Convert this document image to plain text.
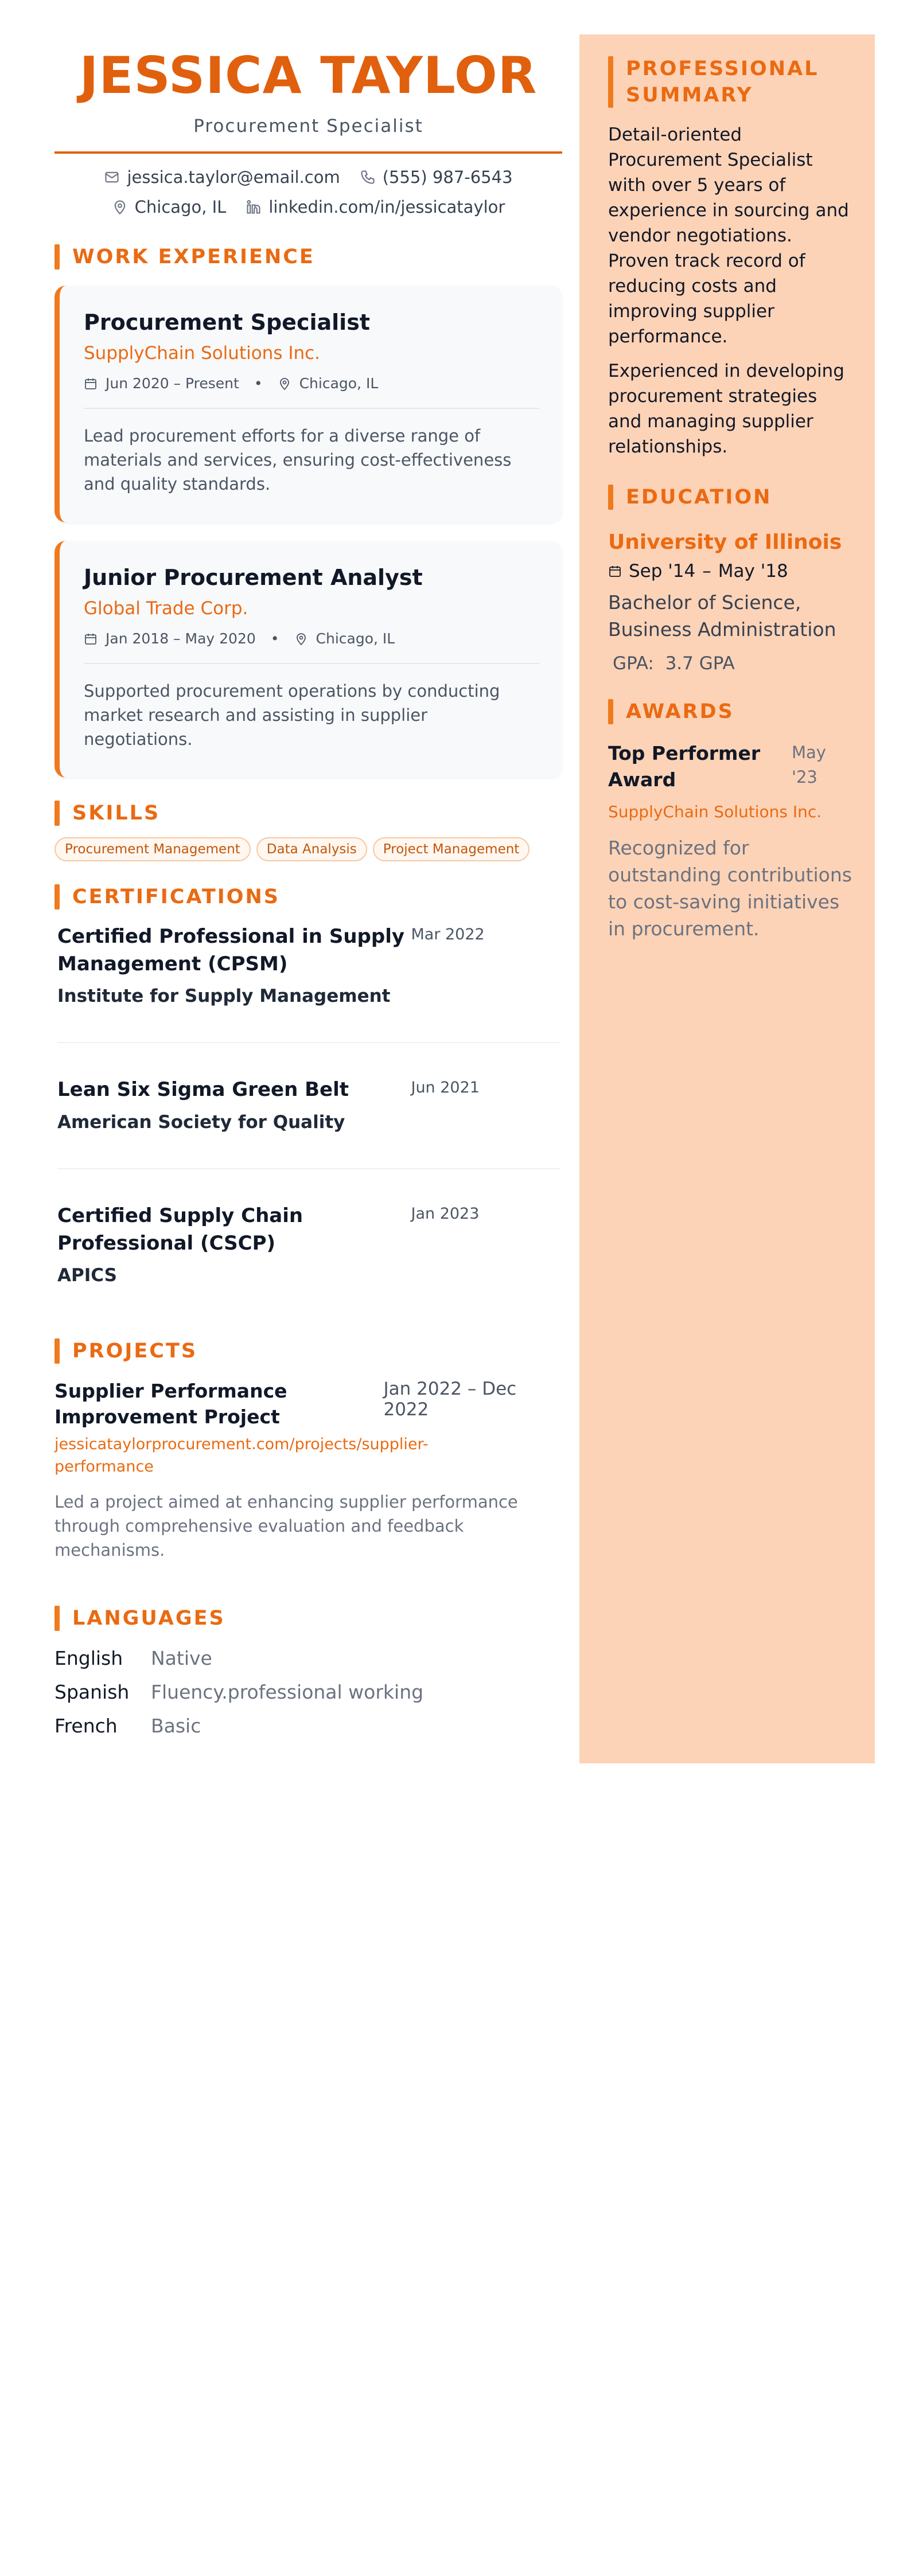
JESSICA TAYLOR
Procurement Specialist
jessica.taylor@email.com	(555) 987-6543
Chicago, IL	linkedin.com/in/jessicataylor
WORK EXPERIENCE
Procurement Specialist
SupplyChain Solutions Inc.
Jun 2020 – Present •	Chicago, IL
Lead procurement efforts for a diverse range of materials and services, ensuring cost-effectiveness and quality standards.
Junior Procurement Analyst
Global Trade Corp.
Jan 2018 – May 2020 •	Chicago, IL
Supported procurement operations by conducting market research and assisting in supplier negotiations.
SKILLS
Procurement Management	Data Analysis	Project Management
CERTIFICATIONS
Certified Professional in Supply Management (CPSM)
Institute for Supply Management
Mar 2022
Lean Six Sigma Green Belt
American Society for Quality
Jun 2021
Certified Supply Chain Professional (CSCP)
APICS
Jan 2023
PROJECTS
Supplier Performance Improvement Project
Jan 2022 – Dec 2022
jessicataylorprocurement.com/projects/supplier-performance
Led a project aimed at enhancing supplier performance through comprehensive evaluation and feedback mechanisms.
LANGUAGES
English	Native
Spanish	Fluency.professional working
French	Basic
PROFESSIONAL SUMMARY

Detail-oriented Procurement Specialist with over 5 years of experience in sourcing and vendor negotiations. Proven track record of reducing costs and improving supplier performance.

Experienced in developing procurement strategies and managing supplier relationships.

EDUCATION
University of Illinois
Sep '14 – May '18
Bachelor of Science, Business Administration
GPA: 3.7 GPA
AWARDS
Top Performer Award
May '23
SupplyChain Solutions Inc.
Recognized for outstanding contributions to cost-saving initiatives in procurement.
